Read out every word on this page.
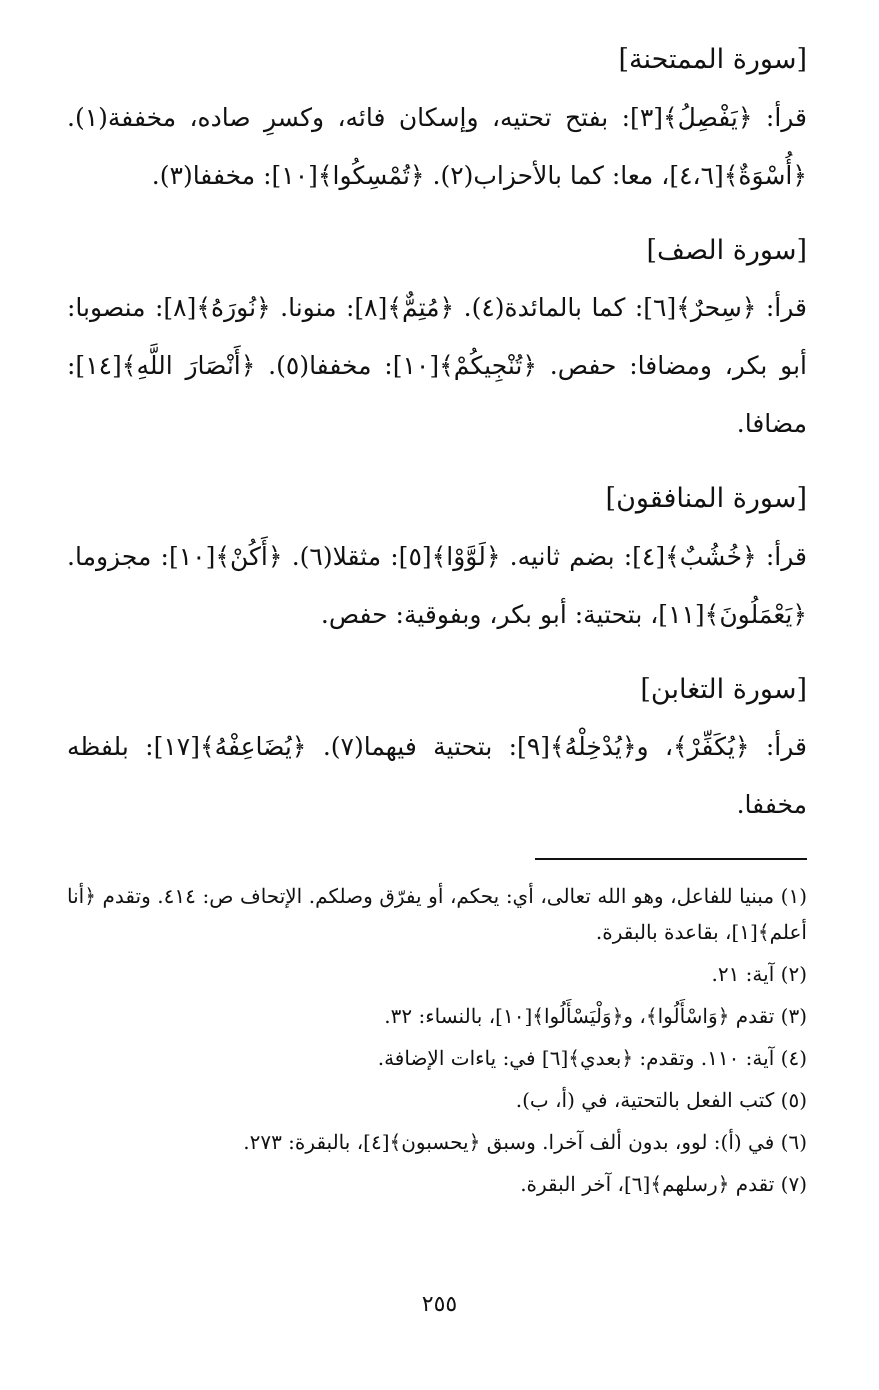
[سورة الممتحنة]

قرأ: ﴿يَفْصِلُ﴾[٣]: بفتح تحتيه، وإسكان فائه، وكسرِ صاده، مخففة(١). ﴿أُسْوَةٌ﴾[٤،٦]، معا: كما بالأحزاب(٢). ﴿تُمْسِكُوا﴾[١٠]: مخففا(٣).

[سورة الصف]

قرأ: ﴿سِحرٌ﴾[٦]: كما بالمائدة(٤). ﴿مُتِمٌّ﴾[٨]: منونا. ﴿نُورَهُ﴾[٨]: منصوبا: أبو بكر، ومضافا: حفص. ﴿تُنْجِيكُمْ﴾[١٠]: مخففا(٥). ﴿أَنْصَارَ اللَّهِ﴾[١٤]: مضافا.

[سورة المنافقون]

قرأ: ﴿خُشُبٌ﴾[٤]: بضم ثانيه. ﴿لَوَّوْا﴾[٥]: مثقلا(٦). ﴿أَكُنْ﴾[١٠]: مجزوما. ﴿يَعْمَلُونَ﴾[١١]، بتحتية: أبو بكر، وبفوقية: حفص.

[سورة التغابن]

قرأ: ﴿يُكَفِّرْ﴾، و﴿يُدْخِلْهُ﴾[٩]: بتحتية فيهما(٧). ﴿يُضَاعِفْهُ﴾[١٧]: بلفظه مخففا.

(١) مبنيا للفاعل، وهو الله تعالى، أي: يحكم، أو يفرّق وصلكم. الإتحاف ص: ٤١٤. وتقدم ﴿أنا أعلم﴾[١]، بقاعدة بالبقرة.
(٢) آية: ٢١.
(٣) تقدم ﴿وَاسْأَلُوا﴾، و﴿وَلْيَسْأَلُوا﴾[١٠]، بالنساء: ٣٢.
(٤) آية: ١١٠. وتقدم: ﴿بعدي﴾[٦] في: ياءات الإضافة.
(٥) كتب الفعل بالتحتية، في (أ، ب).
(٦) في (أ): لوو، بدون ألف آخرا. وسبق ﴿يحسبون﴾[٤]، بالبقرة: ٢٧٣.
(٧) تقدم ﴿رسلهم﴾[٦]، آخر البقرة.
٢٥٥
